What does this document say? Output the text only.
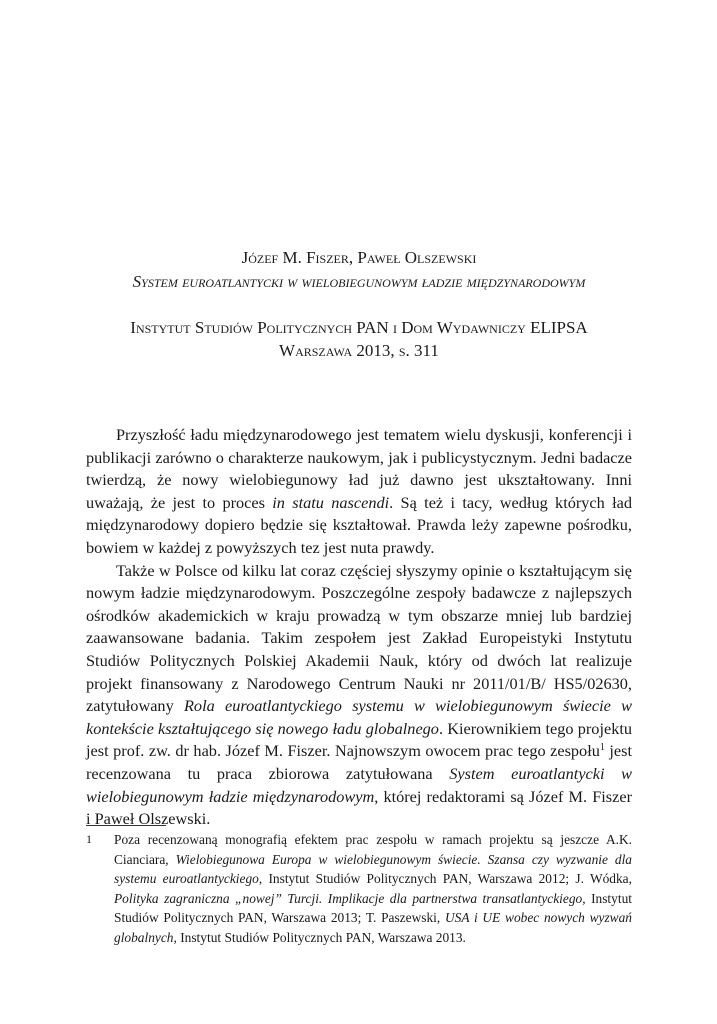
Józef M. Fiszer, Paweł Olszewski
System euroatlantycki w wielobiegunowym ładzie międzynarodowym
Instytut Studiów Politycznych PAN i Dom Wydawniczy ELIPSA
Warszawa 2013, s. 311

Przyszłość ładu międzynarodowego jest tematem wielu dyskusji, konferencji i publikacji zarówno o charakterze naukowym, jak i publicystycznym. Jedni badacze twierdzą, że nowy wielobiegunowy ład już dawno jest ukształtowany. Inni uważają, że jest to proces in statu nascendi. Są też i tacy, według których ład międzynarodowy dopiero będzie się kształtował. Prawda leży zapewne pośrodku, bowiem w każdej z powyższych tez jest nuta prawdy.

Także w Polsce od kilku lat coraz częściej słyszymy opinie o kształtującym się nowym ładzie międzynarodowym. Poszczególne zespoły badawcze z najlepszych ośrodków akademickich w kraju prowadzą w tym obszarze mniej lub bardziej zaawansowane badania. Takim zespołem jest Zakład Europeistyki Instytutu Studiów Politycznych Polskiej Akademii Nauk, który od dwóch lat realizuje projekt finansowany z Narodowego Centrum Nauki nr 2011/01/B/ HS5/02630, zatytułowany Rola euroatlantyckiego systemu w wielobiegunowym świecie w kontekście kształtującego się nowego ładu globalnego. Kierownikiem tego projektu jest prof. zw. dr hab. Józef M. Fiszer. Najnowszym owocem prac tego zespołu$^1$ jest recenzowana tu praca zbiorowa zatytułowana System euroatlantycki w wielobiegunowym ładzie międzynarodowym, której redaktorami są Józef M. Fiszer i Paweł Olszewski.

1 Poza recenzowaną monografią efektem prac zespołu w ramach projektu są jeszcze A.K. Cianciara, Wielobiegunowa Europa w wielobiegunowym świecie. Szansa czy wyzwanie dla systemu euroatlantyckiego, Instytut Studiów Politycznych PAN, Warszawa 2012; J. Wódka, Polityka zagraniczna „nowej” Turcji. Implikacje dla partnerstwa transatlantyckiego, Instytut Studiów Politycznych PAN, Warszawa 2013; T. Paszewski, USA i UE wobec nowych wyzwań globalnych, Instytut Studiów Politycznych PAN, Warszawa 2013.
